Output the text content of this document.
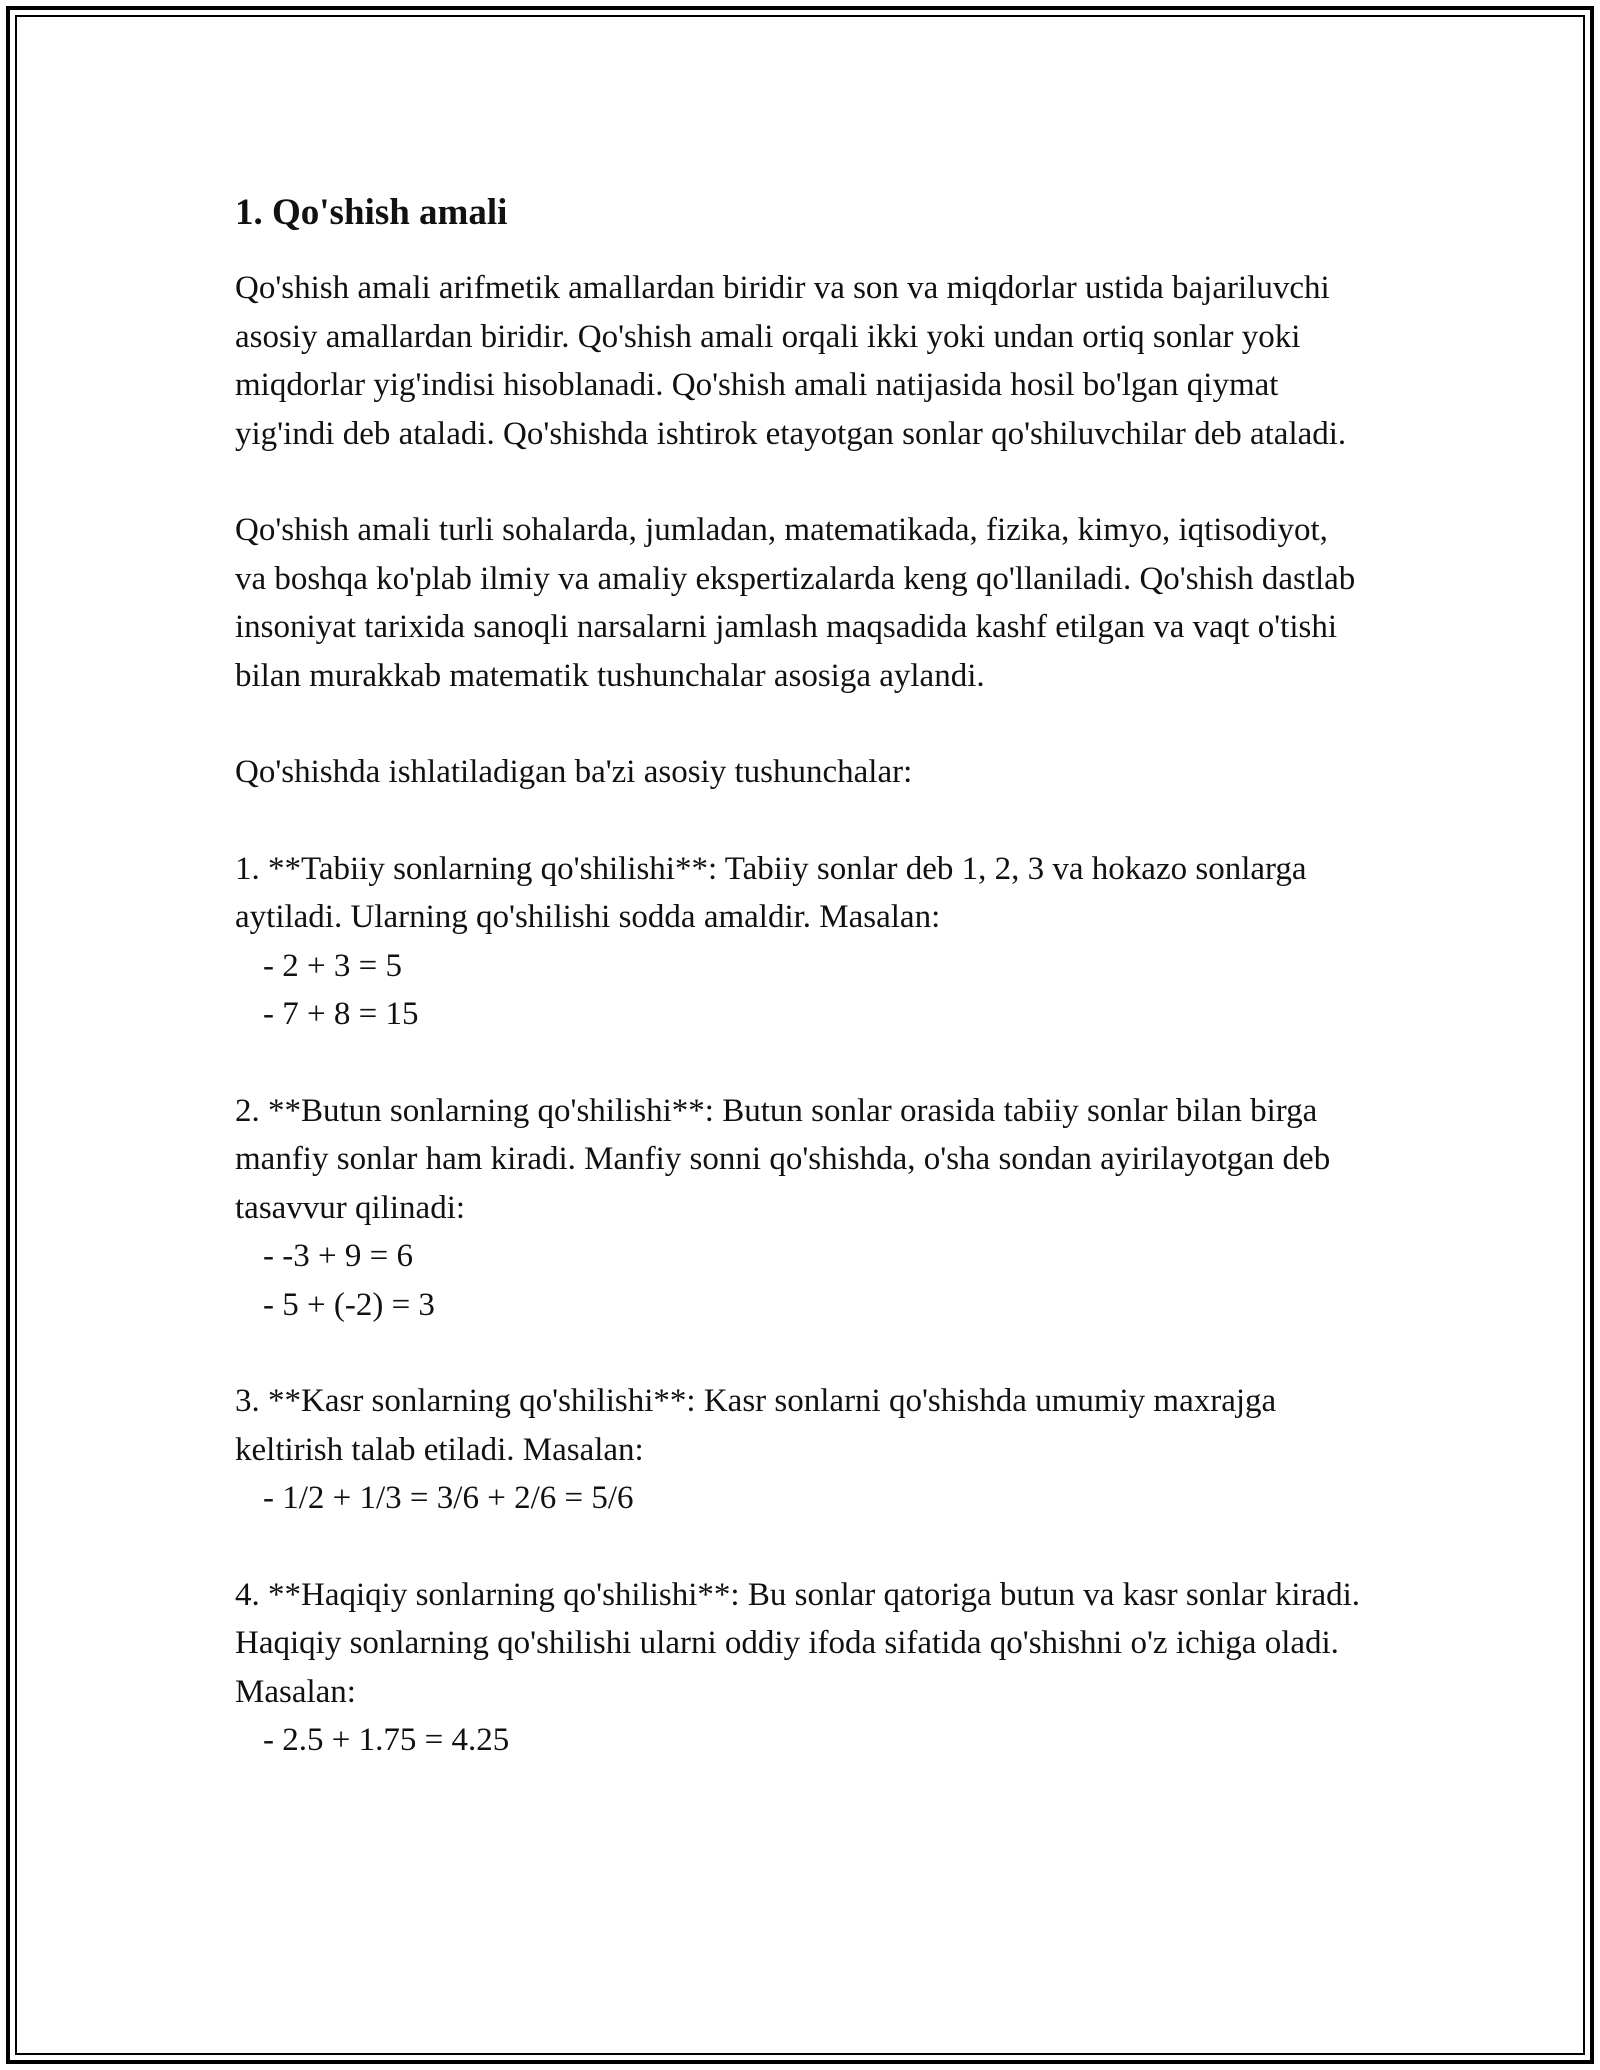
1. Qo'shish amali

Qo'shish amali arifmetik amallardan biridir va son va miqdorlar ustida bajariluvchi asosiy amallardan biridir. Qo'shish amali orqali ikki yoki undan ortiq sonlar yoki miqdorlar yig'indisi hisoblanadi. Qo'shish amali natijasida hosil bo'lgan qiymat yig'indi deb ataladi. Qo'shishda ishtirok etayotgan sonlar qo'shiluvchilar deb ataladi.

Qo'shish amali turli sohalarda, jumladan, matematikada, fizika, kimyo, iqtisodiyot, va boshqa ko'plab ilmiy va amaliy ekspertizalarda keng qo'llaniladi. Qo'shish dastlab insoniyat tarixida sanoqli narsalarni jamlash maqsadida kashf etilgan va vaqt o'tishi bilan murakkab matematik tushunchalar asosiga aylandi.

Qo'shishda ishlatiladigan ba'zi asosiy tushunchalar:

1. **Tabiiy sonlarning qo'shilishi**: Tabiiy sonlar deb 1, 2, 3 va hokazo sonlarga aytiladi. Ularning qo'shilishi sodda amaldir. Masalan:
- 2 + 3 = 5
- 7 + 8 = 15
2. **Butun sonlarning qo'shilishi**: Butun sonlar orasida tabiiy sonlar bilan birga manfiy sonlar ham kiradi. Manfiy sonni qo'shishda, o'sha sondan ayirilayotgan deb tasavvur qilinadi:
- -3 + 9 = 6
- 5 + (-2) = 3
3. **Kasr sonlarning qo'shilishi**: Kasr sonlarni qo'shishda umumiy maxrajga keltirish talab etiladi. Masalan:
- 1/2 + 1/3 = 3/6 + 2/6 = 5/6
4. **Haqiqiy sonlarning qo'shilishi**: Bu sonlar qatoriga butun va kasr sonlar kiradi. Haqiqiy sonlarning qo'shilishi ularni oddiy ifoda sifatida qo'shishni o'z ichiga oladi. Masalan:
- 2.5 + 1.75 = 4.25
